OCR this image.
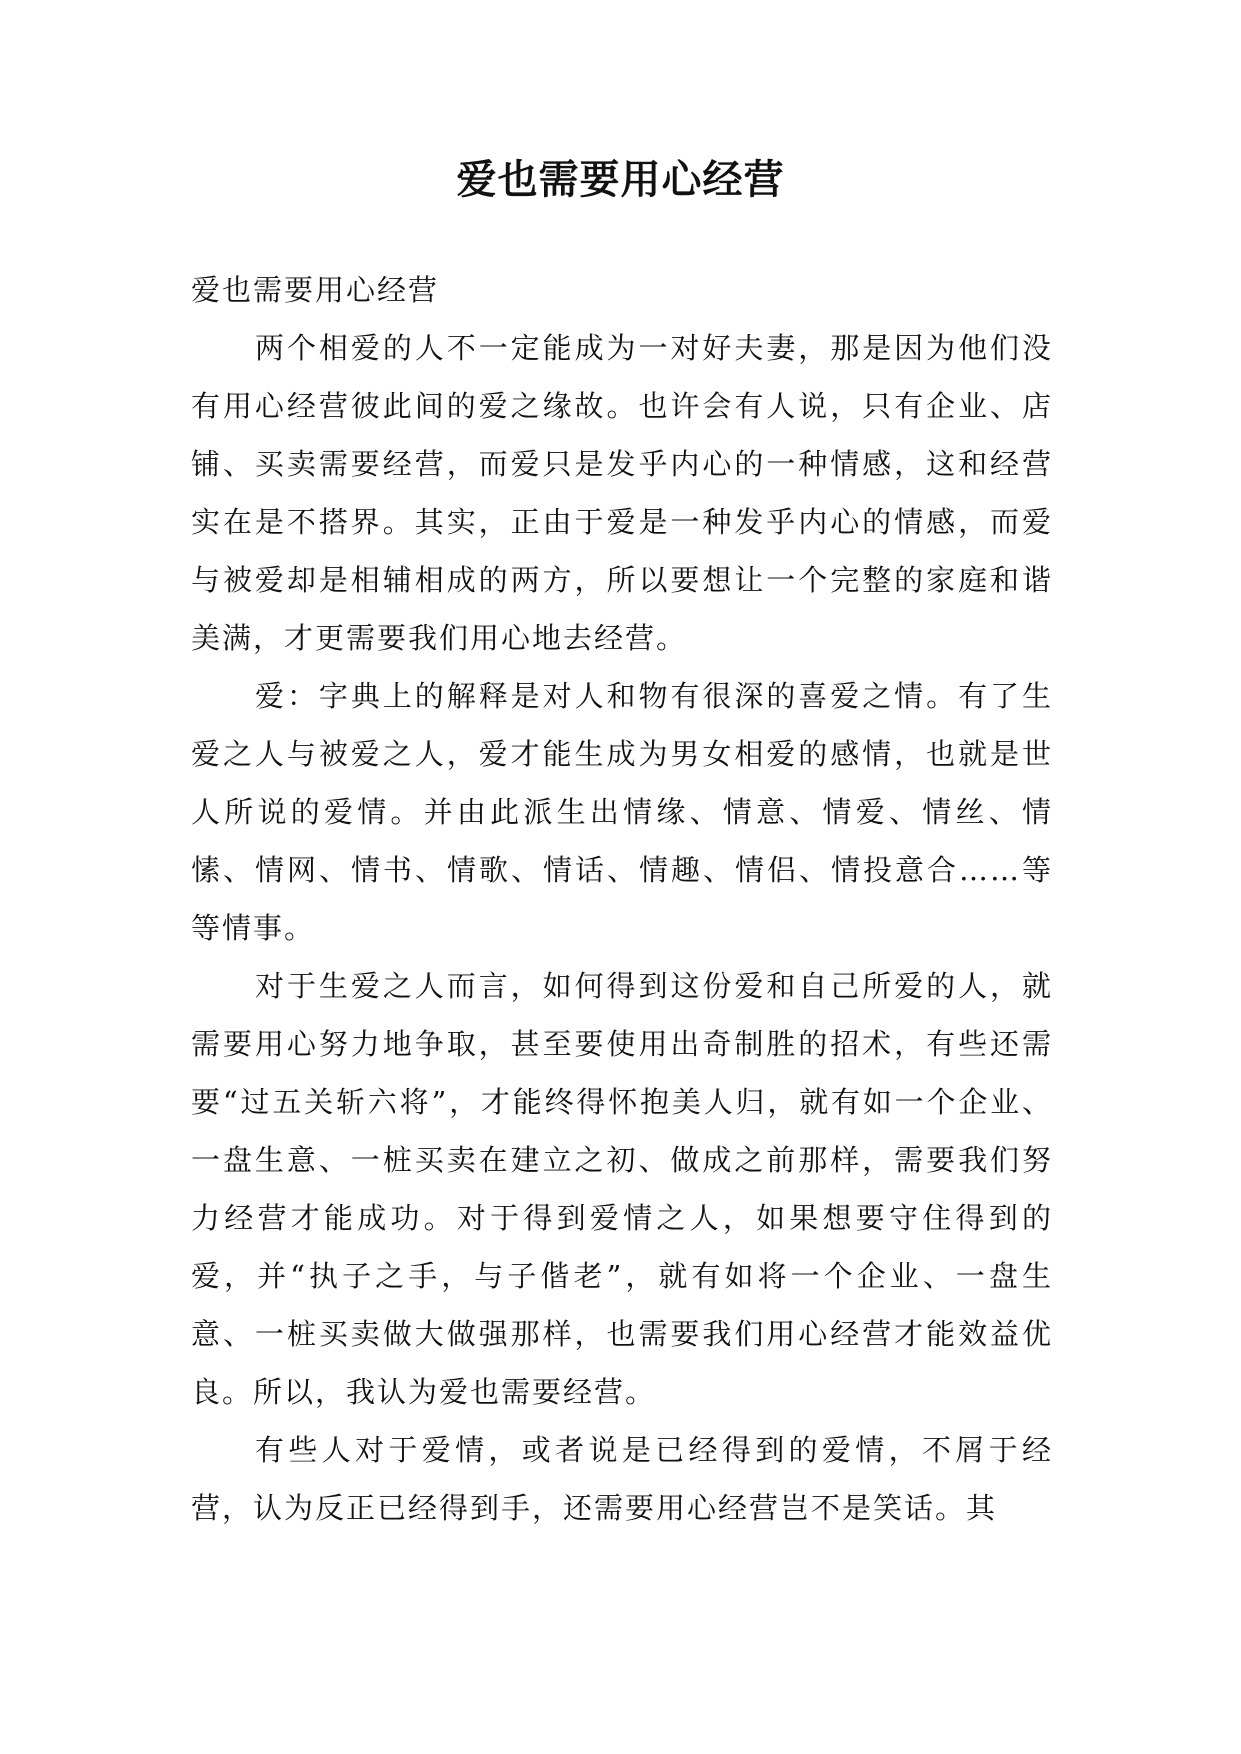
爱也需要用心经营

爱也需要用心经营

两个相爱的人不一定能成为一对好夫妻，那是因为他们没有用心经营彼此间的爱之缘故。也许会有人说，只有企业、店铺、买卖需要经营，而爱只是发乎内心的一种情感，这和经营实在是不搭界。其实，正由于爱是一种发乎内心的情感，而爱与被爱却是相辅相成的两方，所以要想让一个完整的家庭和谐美满，才更需要我们用心地去经营。

爱：字典上的解释是对人和物有很深的喜爱之情。有了生爱之人与被爱之人，爱才能生成为男女相爱的感情，也就是世人所说的爱情。并由此派生出情缘、情意、情爱、情丝、情愫、情网、情书、情歌、情话、情趣、情侣、情投意合……等等情事。

对于生爱之人而言，如何得到这份爱和自己所爱的人，就需要用心努力地争取，甚至要使用出奇制胜的招术，有些还需要“过五关斩六将”，才能终得怀抱美人归，就有如一个企业、一盘生意、一桩买卖在建立之初、做成之前那样，需要我们努力经营才能成功。对于得到爱情之人，如果想要守住得到的爱，并“执子之手，与子偕老”，就有如将一个企业、一盘生意、一桩买卖做大做强那样，也需要我们用心经营才能效益优良。所以，我认为爱也需要经营。

有些人对于爱情，或者说是已经得到的爱情，不屑于经营，认为反正已经得到手，还需要用心经营岂不是笑话。其
